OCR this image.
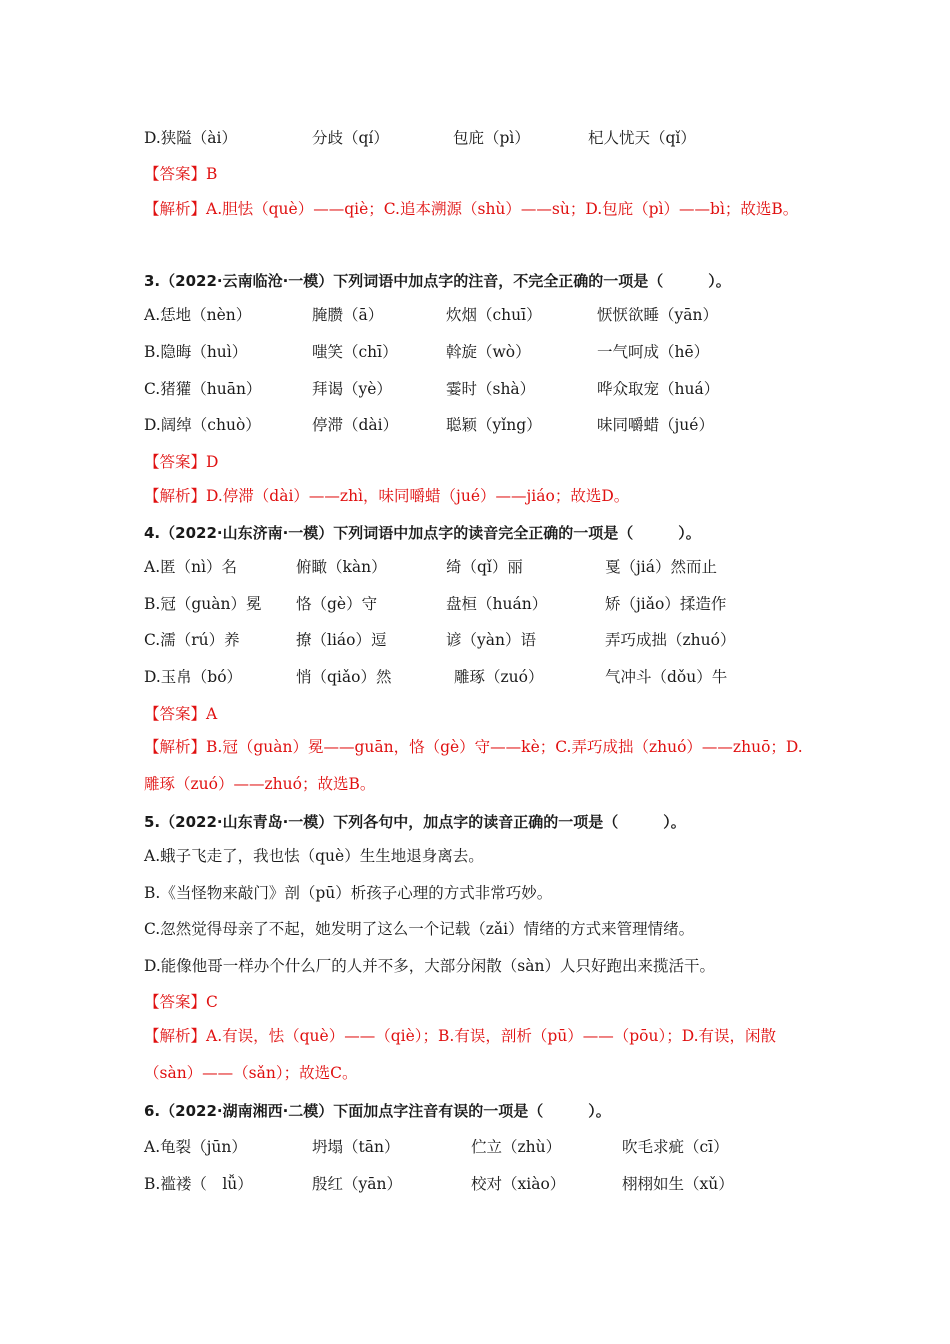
D.狭隘（ài）	分歧（qí）	包庇（pì）	杞人忧天（qǐ）
【答案】B
【解析】A.胆怯（què）——qiè；C.追本溯源（shù）——sù；D.包庇（pì）——bì；故选B。
3.（2022·云南临沧·一模）下列词语中加点字的注音，不完全正确的一项是（　　　）。
A.恁地（nèn）	腌臜（ā）	炊烟（chuī）	恹恹欲睡（yān）
B.隐晦（huì）	嗤笑（chī）	斡旋（wò）	一气呵成（hē）
C.猪獾（huān）	拜谒（yè）	霎时（shà）	哗众取宠（huá）
D.阔绰（chuò）	停滞（dài）	聪颖（yǐng）	味同嚼蜡（jué）
【答案】D
【解析】D.停滞（dài）——zhì，味同嚼蜡（jué）——jiáo；故选D。
4.（2022·山东济南·一模）下列词语中加点字的读音完全正确的一项是（　　　）。
A.匿（nì）名	俯瞰（kàn）	绮（qǐ）丽	戛（jiá）然而止
B.冠（guàn）冕 恪（gè）守	盘桓（huán）	矫（jiǎo）揉造作
C.濡（rú）养	撩（liáo）逗	谚（yàn）语	弄巧成拙（zhuó）
D.玉帛（bó）	悄（qiǎo）然	雕琢（zuó）	气冲斗（dǒu）牛
【答案】A
【解析】B.冠（guàn）冕——guān，恪（gè）守——kè；C.弄巧成拙（zhuó）——zhuō；D.雕琢（zuó）——zhuó；故选B。
5.（2022·山东青岛·一模）下列各句中，加点字的读音正确的一项是（　　　）。
A.蛾子飞走了，我也怯（què）生生地退身离去。
B.《当怪物来敲门》剖（pū）析孩子心理的方式非常巧妙。
C.忽然觉得母亲了不起，她发明了这么一个记载（zǎi）情绪的方式来管理情绪。
D.能像他哥一样办个什么厂的人并不多，大部分闲散（sàn）人只好跑出来揽活干。
【答案】C
【解析】A.有误，怯（què）——（qiè）；B.有误，剖析（pū）——（pōu）；D.有误，闲散（sàn）——（sǎn）；故选C。
6.（2022·湖南湘西·二模）下面加点字注音有误的一项是（　　　）。
A.龟裂（jūn）	坍塌（tān）	伫立（zhù）	吹毛求疵（cī）
B.褴褛（　lǚ）	殷红（yān）	校对（xiào）	栩栩如生（xǔ）
